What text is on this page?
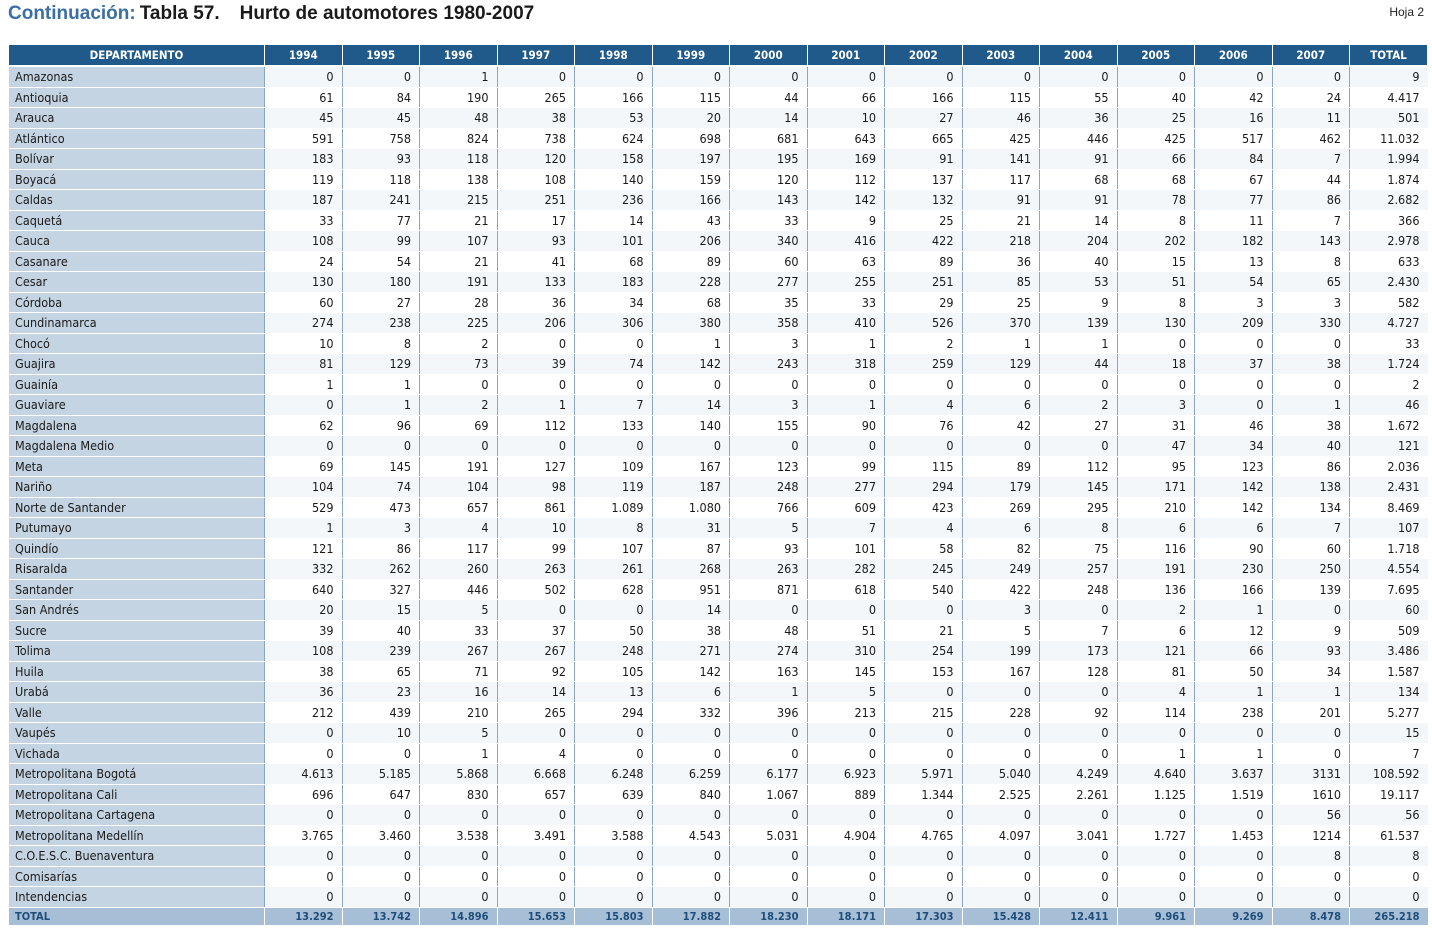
Continuación: Tabla 57. Hurto de automotores 1980-2007	Hoja 2
DEPARTAMENTO	1994	1995	1996	1997	1998	1999	2000	2001	2002	2003	2004	2005	2006	2007	TOTAL
Amazonas	0	0	1	0	0	0	0	0	0	0	0	0	0	0	9
Antioquia	61	84	190	265	166	115	44	66	166	115	55	40	42	24	4.417
Arauca	45	45	48	38	53	20	14	10	27	46	36	25	16	11	501
Atlántico	591	758	824	738	624	698	681	643	665	425	446	425	517	462	11.032
Bolívar	183	93	118	120	158	197	195	169	91	141	91	66	84	7	1.994
Boyacá	119	118	138	108	140	159	120	112	137	117	68	68	67	44	1.874
Caldas	187	241	215	251	236	166	143	142	132	91	91	78	77	86	2.682
Caquetá	33	77	21	17	14	43	33	9	25	21	14	8	11	7	366
Cauca	108	99	107	93	101	206	340	416	422	218	204	202	182	143	2.978
Casanare	24	54	21	41	68	89	60	63	89	36	40	15	13	8	633
Cesar	130	180	191	133	183	228	277	255	251	85	53	51	54	65	2.430
Córdoba	60	27	28	36	34	68	35	33	29	25	9	8	3	3	582
Cundinamarca	274	238	225	206	306	380	358	410	526	370	139	130	209	330	4.727
Chocó	10	8	2	0	0	1	3	1	2	1	1	0	0	0	33
Guajira	81	129	73	39	74	142	243	318	259	129	44	18	37	38	1.724
Guainía	1	1	0	0	0	0	0	0	0	0	0	0	0	0	2
Guaviare	0	1	2	1	7	14	3	1	4	6	2	3	0	1	46
Magdalena	62	96	69	112	133	140	155	90	76	42	27	31	46	38	1.672
Magdalena Medio	0	0	0	0	0	0	0	0	0	0	0	47	34	40	121
Meta	69	145	191	127	109	167	123	99	115	89	112	95	123	86	2.036
Nariño	104	74	104	98	119	187	248	277	294	179	145	171	142	138	2.431
Norte de Santander	529	473	657	861	1.089	1.080	766	609	423	269	295	210	142	134	8.469
Putumayo	1	3	4	10	8	31	5	7	4	6	8	6	6	7	107
Quindío	121	86	117	99	107	87	93	101	58	82	75	116	90	60	1.718
Risaralda	332	262	260	263	261	268	263	282	245	249	257	191	230	250	4.554
Santander	640	327	446	502	628	951	871	618	540	422	248	136	166	139	7.695
San Andrés	20	15	5	0	0	14	0	0	0	3	0	2	1	0	60
Sucre	39	40	33	37	50	38	48	51	21	5	7	6	12	9	509
Tolima	108	239	267	267	248	271	274	310	254	199	173	121	66	93	3.486
Huila	38	65	71	92	105	142	163	145	153	167	128	81	50	34	1.587
Urabá	36	23	16	14	13	6	1	5	0	0	0	4	1	1	134
Valle	212	439	210	265	294	332	396	213	215	228	92	114	238	201	5.277
Vaupés	0	10	5	0	0	0	0	0	0	0	0	0	0	0	15
Vichada	0	0	1	4	0	0	0	0	0	0	0	1	1	0	7
Metropolitana Bogotá	4.613	5.185	5.868	6.668	6.248	6.259	6.177	6.923	5.971	5.040	4.249	4.640	3.637	3131	108.592
Metropolitana Cali	696	647	830	657	639	840	1.067	889	1.344	2.525	2.261	1.125	1.519	1610	19.117
Metropolitana Cartagena	0	0	0	0	0	0	0	0	0	0	0	0	0	56	56
Metropolitana Medellín	3.765	3.460	3.538	3.491	3.588	4.543	5.031	4.904	4.765	4.097	3.041	1.727	1.453	1214	61.537
C.O.E.S.C. Buenaventura	0	0	0	0	0	0	0	0	0	0	0	0	0	8	8
Comisarías	0	0	0	0	0	0	0	0	0	0	0	0	0	0	0
Intendencias	0	0	0	0	0	0	0	0	0	0	0	0	0	0	0
TOTAL	13.292	13.742	14.896	15.653	15.803	17.882	18.230	18.171	17.303	15.428	12.411	9.961	9.269	8.478	265.218
